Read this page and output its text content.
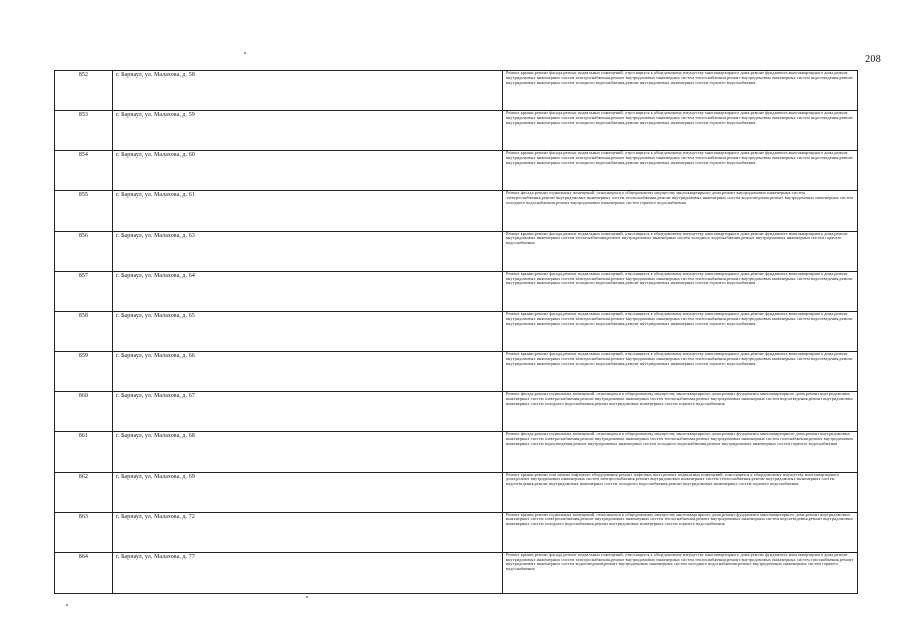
208
852	г. Барнаул, ул. Малахова, д. 58	Ремонт крыши,ремонт фасада,ремонт подвальных помещений, относящихся к общедомовому имуществу многоквартирного дома,ремонт фундамента многоквартирного дома,ремонт внутридомовых инженерных систем электроснабжения,ремонт внутридомовых инженерных систем теплоснабжения,ремонт внутридомовых инженерных систем водоотведения,ремонт внутридомовых инженерных систем холодного водоснабжения,ремонт внутридомовых инженерных систем горячего водоснабжения
853	г. Барнаул, ул. Малахова, д. 59	Ремонт крыши,ремонт фасада,ремонт подвальных помещений, относящихся к общедомовому имуществу многоквартирного дома,ремонт фундамента многоквартирного дома,ремонт внутридомовых инженерных систем электроснабжения,ремонт внутридомовых инженерных систем теплоснабжения,ремонт внутридомовых инженерных систем водоотведения,ремонт внутридомовых инженерных систем холодного водоснабжения,ремонт внутридомовых инженерных систем горячего водоснабжения
854	г. Барнаул, ул. Малахова, д. 60	Ремонт крыши,ремонт фасада,ремонт подвальных помещений, относящихся к общедомовому имуществу многоквартирного дома,ремонт фундамента многоквартирного дома,ремонт внутридомовых инженерных систем электроснабжения,ремонт внутридомовых инженерных систем теплоснабжения,ремонт внутридомовых инженерных систем водоотведения,ремонт внутридомовых инженерных систем холодного водоснабжения,ремонт внутридомовых инженерных систем горячего водоснабжения
855	г. Барнаул, ул. Малахова, д. 61	Ремонт фасада,ремонт подвальных помещений, относящихся к общедомовому имуществу многоквартирного дома,ремонт внутридомовых инженерных систем электроснабжения,ремонт внутридомовых инженерных систем теплоснабжения,ремонт внутридомовых инженерных систем водоотведения,ремонт внутридомовых инженерных систем холодного водоснабжения,ремонт внутридомовых инженерных систем горячего водоснабжения
856	г. Барнаул, ул. Малахова, д. 63	Ремонт крыши,ремонт фасада,ремонт подвальных помещений, относящихся к общедомовому имуществу многоквартирного дома,ремонт фундамента многоквартирного дома,ремонт внутридомовых инженерных систем теплоснабжения,ремонт внутридомовых инженерных систем холодного водоснабжения,ремонт внутридомовых инженерных систем горячего водоснабжения
857	г. Барнаул, ул. Малахова, д. 64	Ремонт крыши,ремонт фасада,ремонт подвальных помещений, относящихся к общедомовому имуществу многоквартирного дома,ремонт фундамента многоквартирного дома,ремонт внутридомовых инженерных систем электроснабжения,ремонт внутридомовых инженерных систем теплоснабжения,ремонт внутридомовых инженерных систем водоотведения,ремонт внутридомовых инженерных систем холодного водоснабжения,ремонт внутридомовых инженерных систем горячего водоснабжения
858	г. Барнаул, ул. Малахова, д. 65	Ремонт крыши,ремонт фасада,ремонт подвальных помещений, относящихся к общедомовому имуществу многоквартирного дома,ремонт фундамента многоквартирного дома,ремонт внутридомовых инженерных систем электроснабжения,ремонт внутридомовых инженерных систем теплоснабжения,ремонт внутридомовых инженерных систем водоотведения,ремонт внутридомовых инженерных систем холодного водоснабжения,ремонт внутридомовых инженерных систем горячего водоснабжения
859	г. Барнаул, ул. Малахова, д. 66	Ремонт крыши,ремонт фасада,ремонт подвальных помещений, относящихся к общедомовому имуществу многоквартирного дома,ремонт фундамента многоквартирного дома,ремонт внутридомовых инженерных систем электроснабжения,ремонт внутридомовых инженерных систем теплоснабжения,ремонт внутридомовых инженерных систем водоотведения,ремонт внутридомовых инженерных систем холодного водоснабжения,ремонт внутридомовых инженерных систем горячего водоснабжения
860	г. Барнаул, ул. Малахова, д. 67	Ремонт фасада,ремонт подвальных помещений, относящихся к общедомовому имуществу многоквартирного дома,ремонт фундамента многоквартирного дома,ремонт внутридомовых инженерных систем электроснабжения,ремонт внутридомовых инженерных систем теплоснабжения,ремонт внутридомовых инженерных систем водоотведения,ремонт внутридомовых инженерных систем холодного водоснабжения,ремонт внутридомовых инженерных систем горячего водоснабжения
861	г. Барнаул, ул. Малахова, д. 68	Ремонт фасада,ремонт подвальных помещений, относящихся к общедомовому имуществу многоквартирного дома,ремонт фундамента многоквартирного дома,ремонт внутридомовых инженерных систем электроснабжения,ремонт внутридомовых инженерных систем теплоснабжения,ремонт внутридомовых инженерных систем газоснабжения,ремонт внутридомовых инженерных систем водоотведения,ремонт внутридомовых инженерных систем холодного водоснабжения,ремонт внутридомовых инженерных систем горячего водоснабжения
862	г. Барнаул, ул. Малахова, д. 69	Ремонт крыши,ремонт или замена лифтового оборудования,ремонт лифтовых шахт,ремонт подвальных помещений, относящихся к общедомовому имуществу многоквартирного дома,ремонт внутридомовых инженерных систем электроснабжения,ремонт внутридомовых инженерных систем теплоснабжения,ремонт внутридомовых инженерных систем водоотведения,ремонт внутридомовых инженерных систем холодного водоснабжения,ремонт внутридомовых инженерных систем горячего водоснабжения
863	г. Барнаул, ул. Малахова, д. 72	Ремонт крыши,ремонт подвальных помещений, относящихся к общедомовому имуществу многоквартирного дома,ремонт фундамента многоквартирного дома,ремонт внутридомовых инженерных систем электроснабжения,ремонт внутридомовых инженерных систем теплоснабжения,ремонт внутридомовых инженерных систем водоотведения,ремонт внутридомовых инженерных систем холодного водоснабжения,ремонт внутридомовых инженерных систем горячего водоснабжения
864	г. Барнаул, ул. Малахова, д. 77	Ремонт крыши,ремонт фасада,ремонт подвальных помещений, относящихся к общедомовому имуществу многоквартирного дома,ремонт фундамента многоквартирного дома,ремонт внутридомовых инженерных систем электроснабжения,ремонт внутридомовых инженерных систем теплоснабжения,ремонт внутридомовых инженерных систем газоснабжения,ремонт внутридомовых инженерных систем водоотведения,ремонт внутридомовых инженерных систем холодного водоснабжения,ремонт внутридомовых инженерных систем горячего водоснабжения
